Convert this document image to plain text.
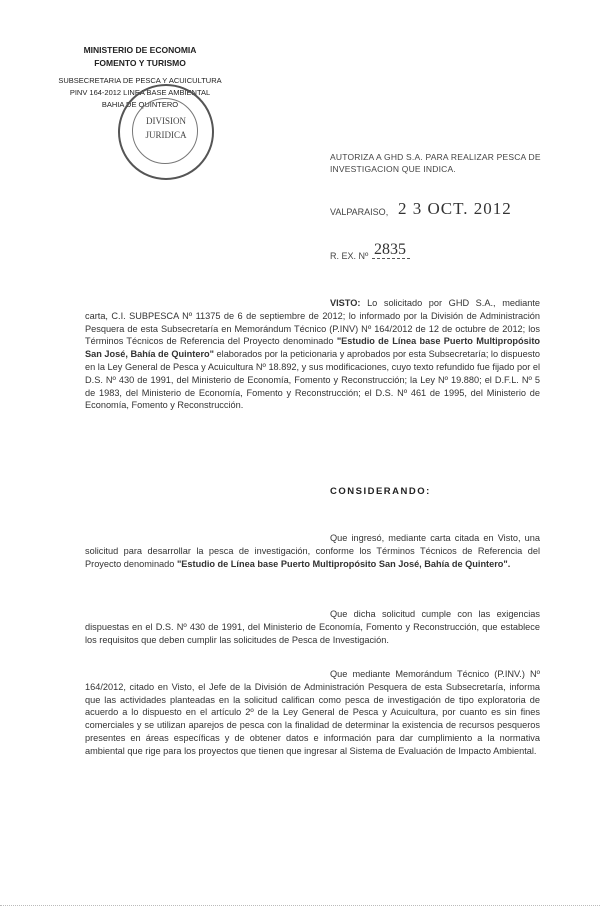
MINISTERIO DE ECONOMIA
FOMENTO Y TURISMO
SUBSECRETARIA DE PESCA Y ACUICULTURA
PINV 164-2012 LINEA BASE AMBIENTAL
BAHIA DE QUINTERO
DIVISION
JURIDICA
AUTORIZA A GHD S.A. PARA REALIZAR PESCA DE
INVESTIGACION QUE INDICA.
VALPARAISO, 2 3 OCT. 2012
R. EX. Nº 2835
VISTO: Lo solicitado por GHD S.A., mediante carta, C.I. SUBPESCA Nº 11375 de 6 de septiembre de 2012; lo informado por la División de Administración Pesquera de esta Subsecretaría en Memorándum Técnico (P.INV) Nº 164/2012 de 12 de octubre de 2012; los Términos Técnicos de Referencia del Proyecto denominado "Estudio de Línea base Puerto Multipropósito San José, Bahía de Quintero" elaborados por la peticionaria y aprobados por esta Subsecretaría; lo dispuesto en la Ley General de Pesca y Acuicultura Nº 18.892, y sus modificaciones, cuyo texto refundido fue fijado por el D.S. Nº 430 de 1991, del Ministerio de Economía, Fomento y Reconstrucción; la Ley Nº 19.880; el D.F.L. Nº 5 de 1983, del Ministerio de Economía, Fomento y Reconstrucción; el D.S. Nº 461 de 1995, del Ministerio de Economía, Fomento y Reconstrucción.
CONSIDERANDO:
Que ingresó, mediante carta citada en Visto, una solicitud para desarrollar la pesca de investigación, conforme los Términos Técnicos de Referencia del Proyecto denominado "Estudio de Línea base Puerto Multipropósito San José, Bahía de Quintero".
Que dicha solicitud cumple con las exigencias dispuestas en el D.S. Nº 430 de 1991, del Ministerio de Economía, Fomento y Reconstrucción, que establece los requisitos que deben cumplir las solicitudes de Pesca de Investigación.
Que mediante Memorándum Técnico (P.INV.) Nº 164/2012, citado en Visto, el Jefe de la División de Administración Pesquera de esta Subsecretaría, informa que las actividades planteadas en la solicitud califican como pesca de investigación de tipo exploratoria de acuerdo a lo dispuesto en el artículo 2º de la Ley General de Pesca y Acuicultura, por cuanto es sin fines comerciales y se utilizan aparejos de pesca con la finalidad de determinar la existencia de recursos pesqueros presentes en áreas específicas y de obtener datos e información para dar cumplimiento a la normativa ambiental que rige para los proyectos que tienen que ingresar al Sistema de Evaluación de Impacto Ambiental.
